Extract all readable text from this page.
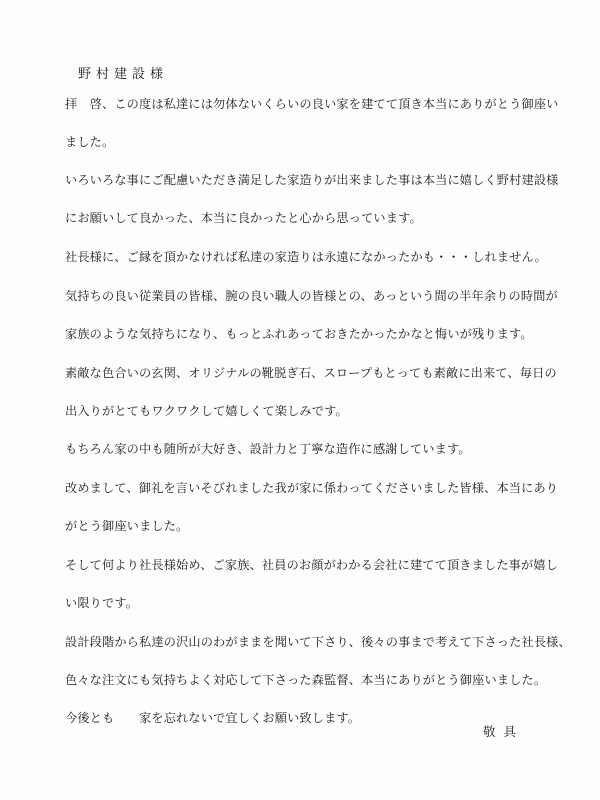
野村建設様
拝　啓、この度は私達には勿体ないくらいの良い家を建てて頂き本当にありがとう御座い
ました。
いろいろな事にご配慮いただき満足した家造りが出来ました事は本当に嬉しく野村建設様
にお願いして良かった、本当に良かったと心から思っています。
社長様に、ご縁を頂かなければ私達の家造りは永遠になかったかも・・・しれません。
気持ちの良い従業員の皆様、腕の良い職人の皆様との、あっという間の半年余りの時間が
家族のような気持ちになり、もっとふれあっておきたかったかなと悔いが残ります。
素敵な色合いの玄関、オリジナルの靴脱ぎ石、スロープもとっても素敵に出来て、毎日の
出入りがとてもワクワクして嬉しくて楽しみです。
もちろん家の中も随所が大好き、設計力と丁寧な造作に感謝しています。
改めまして、御礼を言いそびれました我が家に係わってくださいました皆様、本当にあり
がとう御座いました。
そして何より社長様始め、ご家族、社員のお顔がわかる会社に建てて頂きました事が嬉し
い限りです。
設計段階から私達の沢山のわがままを聞いて下さり、後々の事まで考えて下さった社長様、
色々な注文にも気持ちよく対応して下さった森監督、本当にありがとう御座いました。
今後とも　　家を忘れないで宜しくお願い致します。
敬具
